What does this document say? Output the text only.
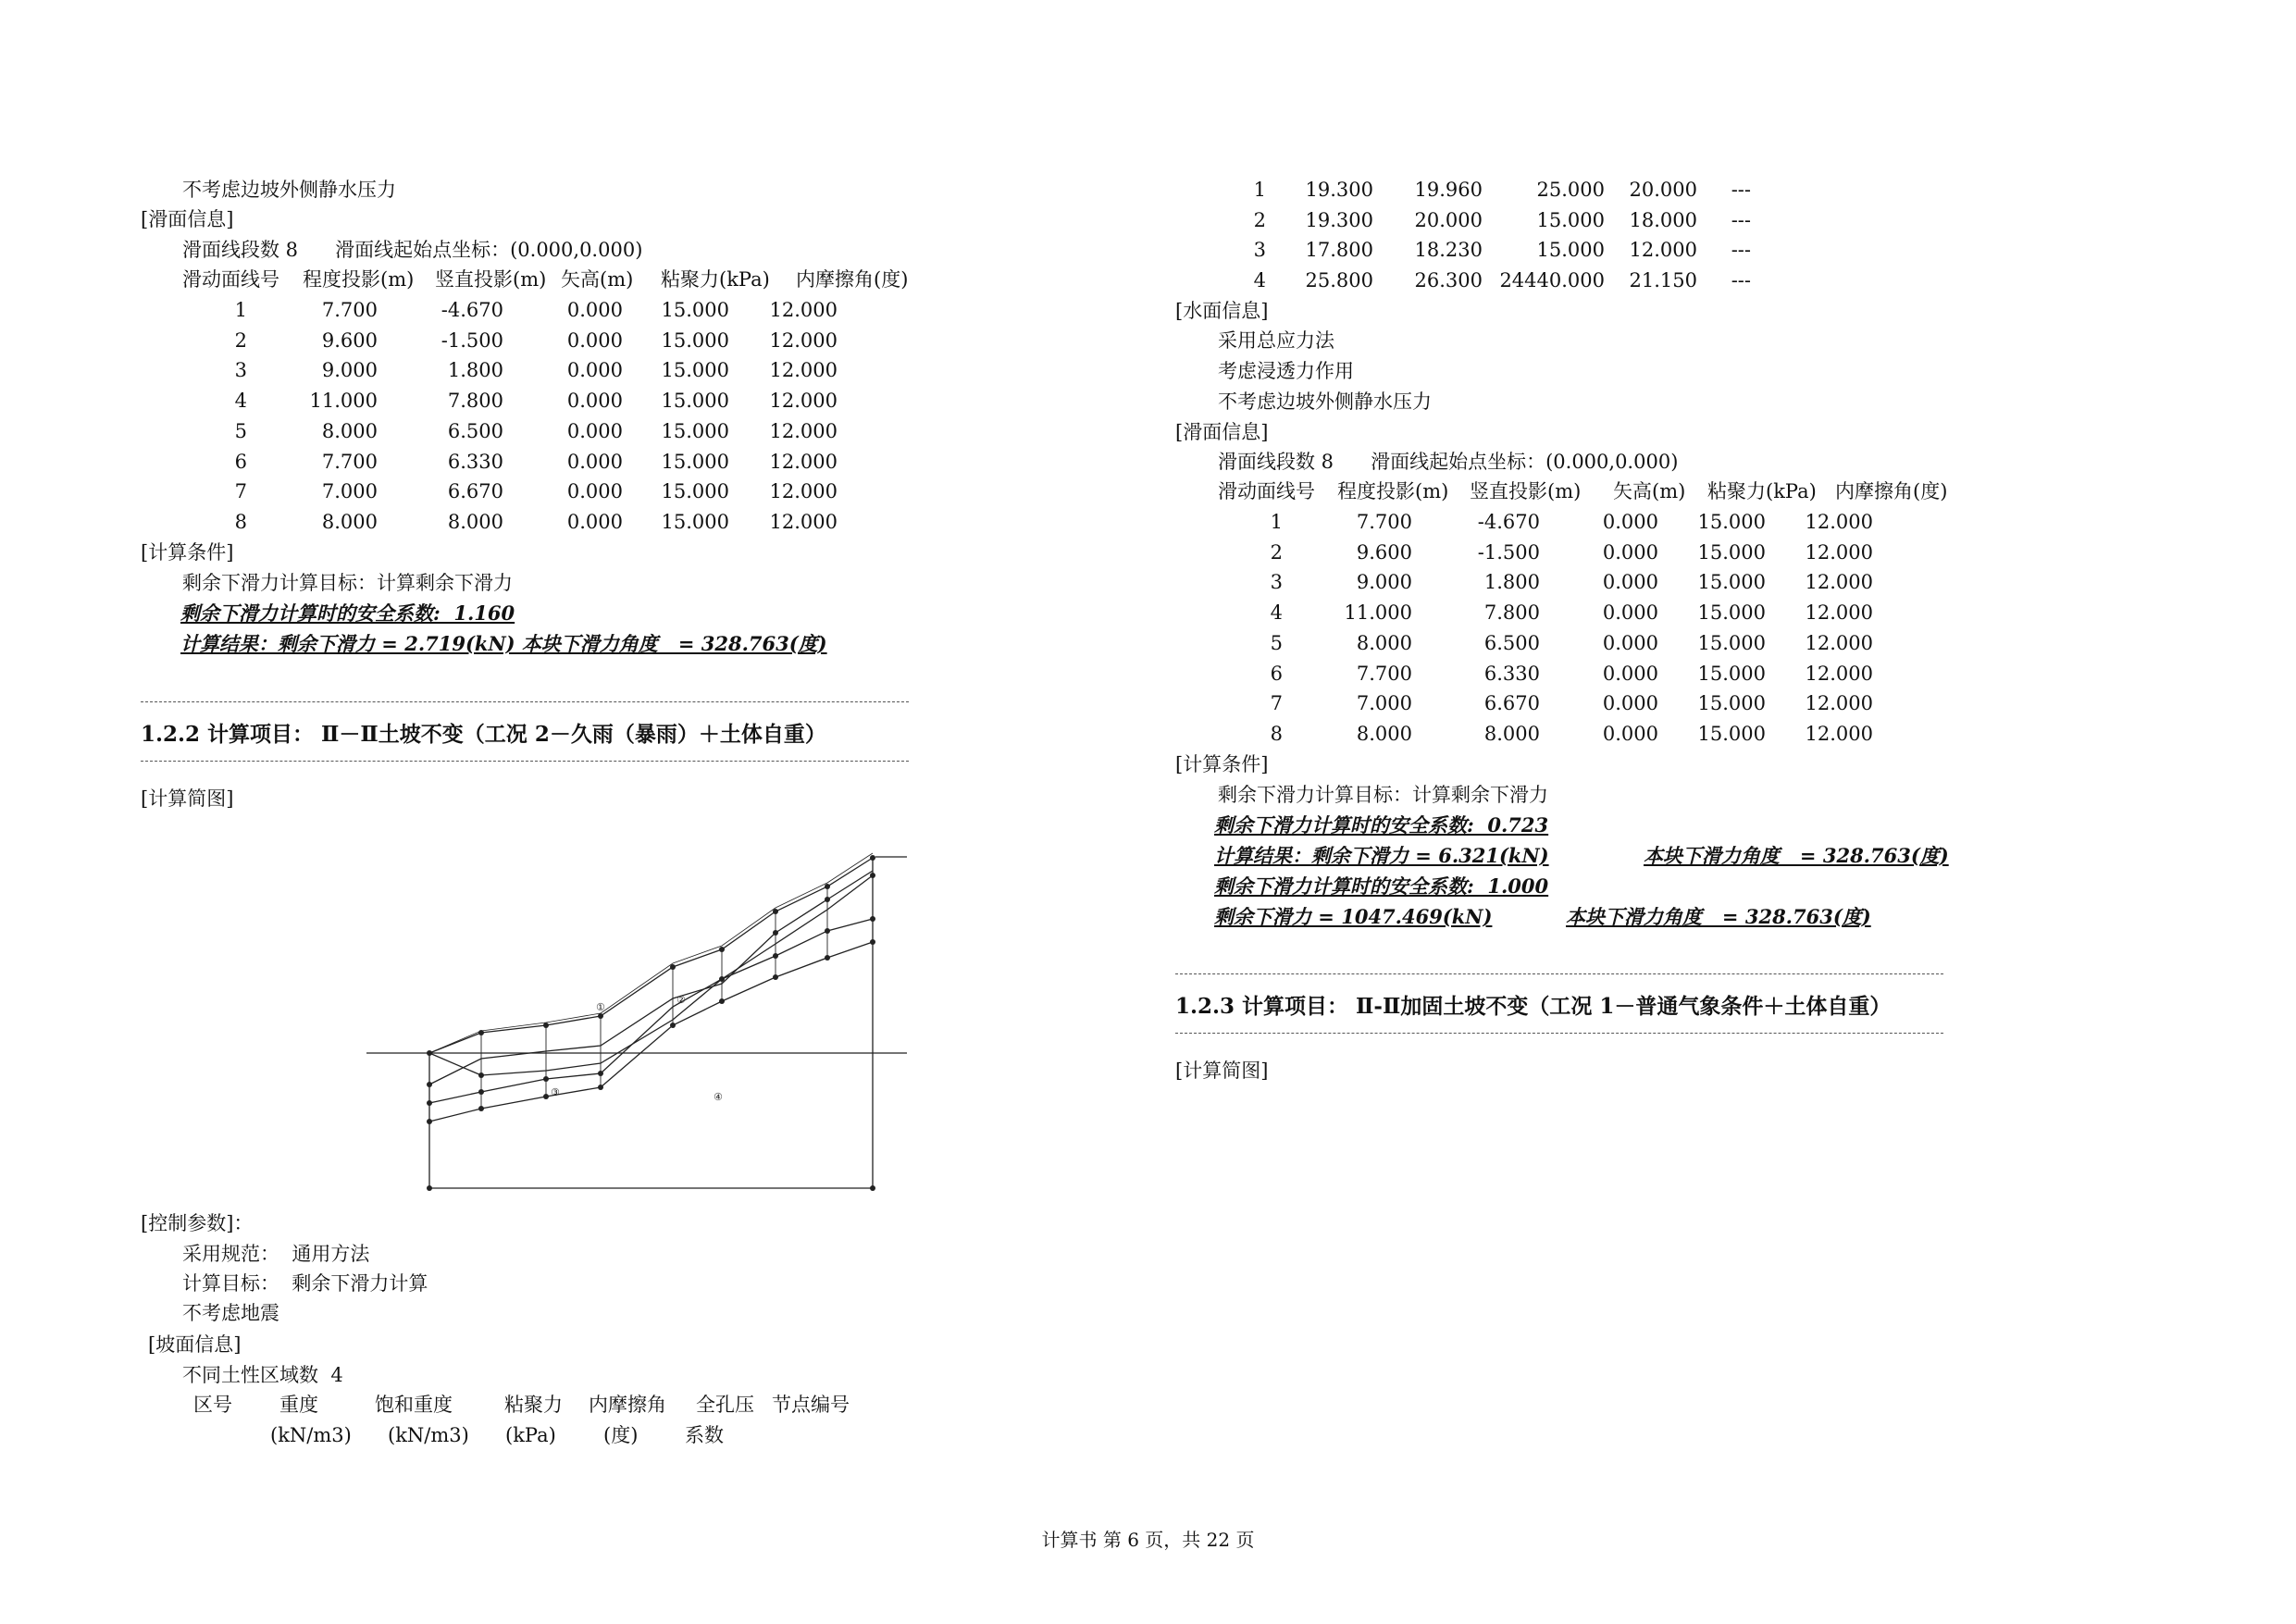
不考虑边坡外侧静水压力
[滑面信息]
滑面线段数 8      滑面线起始点坐标：(0.000,0.000)
滑动面线号 程度投影(m) 竖直投影(m) 矢高(m) 粘聚力(kPa) 内摩擦角(度)
1	7.700	-4.670	0.000	15.000	12.000
2	9.600	-1.500	0.000	15.000	12.000
3	9.000	1.800	0.000	15.000	12.000
4	11.000	7.800	0.000	15.000	12.000
5	8.000	6.500	0.000	15.000	12.000
6	7.700	6.330	0.000	15.000	12.000
7	7.000	6.670	0.000	15.000	12.000
8	8.000	8.000	0.000	15.000	12.000
[计算条件]
剩余下滑力计算目标：计算剩余下滑力
剩余下滑力计算时的安全系数:  1.160
计算结果：剩余下滑力 = 2.719(kN) 本块下滑力角度   = 328.763(度)
1.2.2 计算项目： Ⅱ－Ⅱ土坡不变（工况 2－久雨（暴雨）＋土体自重）
[计算简图]
①
②
③	④
[控制参数]：
采用规范：  通用方法
计算目标：  剩余下滑力计算
不考虑地震
[坡面信息]
不同土性区域数  4
区号 重度	饱和重度	粘聚力 内摩擦角 全孔压 节点编号
(kN/m3) (kN/m3) (kPa) (度) 系数
1	19.300	19.960	25.000	20.000	---
2	19.300	20.000	15.000	18.000	---
3	17.800	18.230	15.000	12.000	---
4	25.800	26.300 24440.000	21.150	---
[水面信息]
采用总应力法
考虑浸透力作用
不考虑边坡外侧静水压力
[滑面信息]
滑面线段数 8      滑面线起始点坐标：(0.000,0.000)
滑动面线号 程度投影(m) 竖直投影(m) 矢高(m) 粘聚力(kPa) 内摩擦角(度)
1	7.700	-4.670	0.000	15.000	12.000
2	9.600	-1.500	0.000	15.000	12.000
3	9.000	1.800	0.000	15.000	12.000
4	11.000	7.800	0.000	15.000	12.000
5	8.000	6.500	0.000	15.000	12.000
6	7.700	6.330	0.000	15.000	12.000
7	7.000	6.670	0.000	15.000	12.000
8	8.000	8.000	0.000	15.000	12.000
[计算条件]
剩余下滑力计算目标：计算剩余下滑力
剩余下滑力计算时的安全系数:  0.723
计算结果：剩余下滑力 = 6.321(kN)	本块下滑力角度   = 328.763(度)
剩余下滑力计算时的安全系数:  1.000
剩余下滑力 = 1047.469(kN)	本块下滑力角度   = 328.763(度)
1.2.3 计算项目： Ⅱ-Ⅱ加固土坡不变（工况 1－普通气象条件＋土体自重）
[计算简图]
计算书 第 6 页，共 22 页
